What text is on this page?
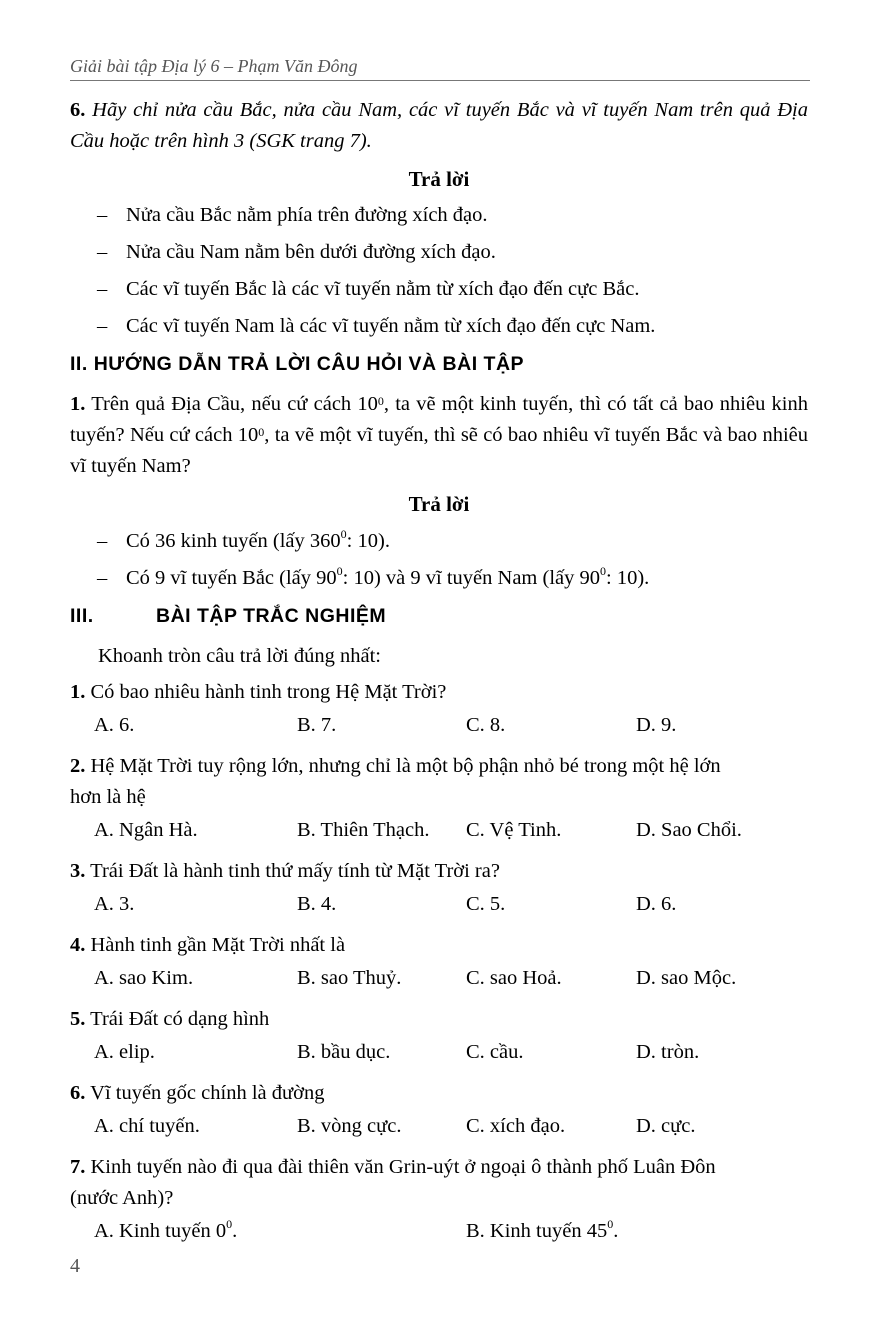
Giải bài tập Địa lý 6 – Phạm Văn Đông
6. Hãy chỉ nửa cầu Bắc, nửa cầu Nam, các vĩ tuyến Bắc và vĩ tuyến Nam trên quả Địa Cầu hoặc trên hình 3 (SGK trang 7).
Trả lời
– Nửa cầu Bắc nằm phía trên đường xích đạo.
– Nửa cầu Nam nằm bên dưới đường xích đạo.
– Các vĩ tuyến Bắc là các vĩ tuyến nằm từ xích đạo đến cực Bắc.
– Các vĩ tuyến Nam là các vĩ tuyến nằm từ xích đạo đến cực Nam.
II. HƯỚNG DẪN TRẢ LỜI CÂU HỎI VÀ BÀI TẬP
1. Trên quả Địa Cầu, nếu cứ cách $10^0$, ta vẽ một kinh tuyến, thì có tất cả bao nhiêu kinh tuyến? Nếu cứ cách $10^0$, ta vẽ một vĩ tuyến, thì sẽ có bao nhiêu vĩ tuyến Bắc và bao nhiêu vĩ tuyến Nam?
Trả lời
– Có 36 kinh tuyến (lấy $360^0$: 10).
– Có 9 vĩ tuyến Bắc (lấy $90^0$: 10) và 9 vĩ tuyến Nam (lấy $90^0$: 10).
III.	BÀI TẬP TRẮC NGHIỆM
Khoanh tròn câu trả lời đúng nhất:
1. Có bao nhiêu hành tinh trong Hệ Mặt Trời?
A. 6.	B. 7.	C. 8.	D. 9.
2. Hệ Mặt Trời tuy rộng lớn, nhưng chỉ là một bộ phận nhỏ bé trong một hệ lớn
hơn là hệ
A. Ngân Hà.	B. Thiên Thạch. C. Vệ Tinh.	D. Sao Chổi.
3. Trái Đất là hành tinh thứ mấy tính từ Mặt Trời ra?
A. 3.	B. 4.	C. 5.	D. 6.
4. Hành tinh gần Mặt Trời nhất là
A. sao Kim.	B. sao Thuỷ.	C. sao Hoả.	D. sao Mộc.
5. Trái Đất có dạng hình
A. elip.	B. bầu dục.	C. cầu.	D. tròn.
6. Vĩ tuyến gốc chính là đường
A. chí tuyến.	B. vòng cực.	C. xích đạo.	D. cực.
7. Kinh tuyến nào đi qua đài thiên văn Grin-uýt ở ngoại ô thành phố Luân Đôn
(nước Anh)?
A. Kinh tuyến $0^0$.	B. Kinh tuyến $45^0$.
4
